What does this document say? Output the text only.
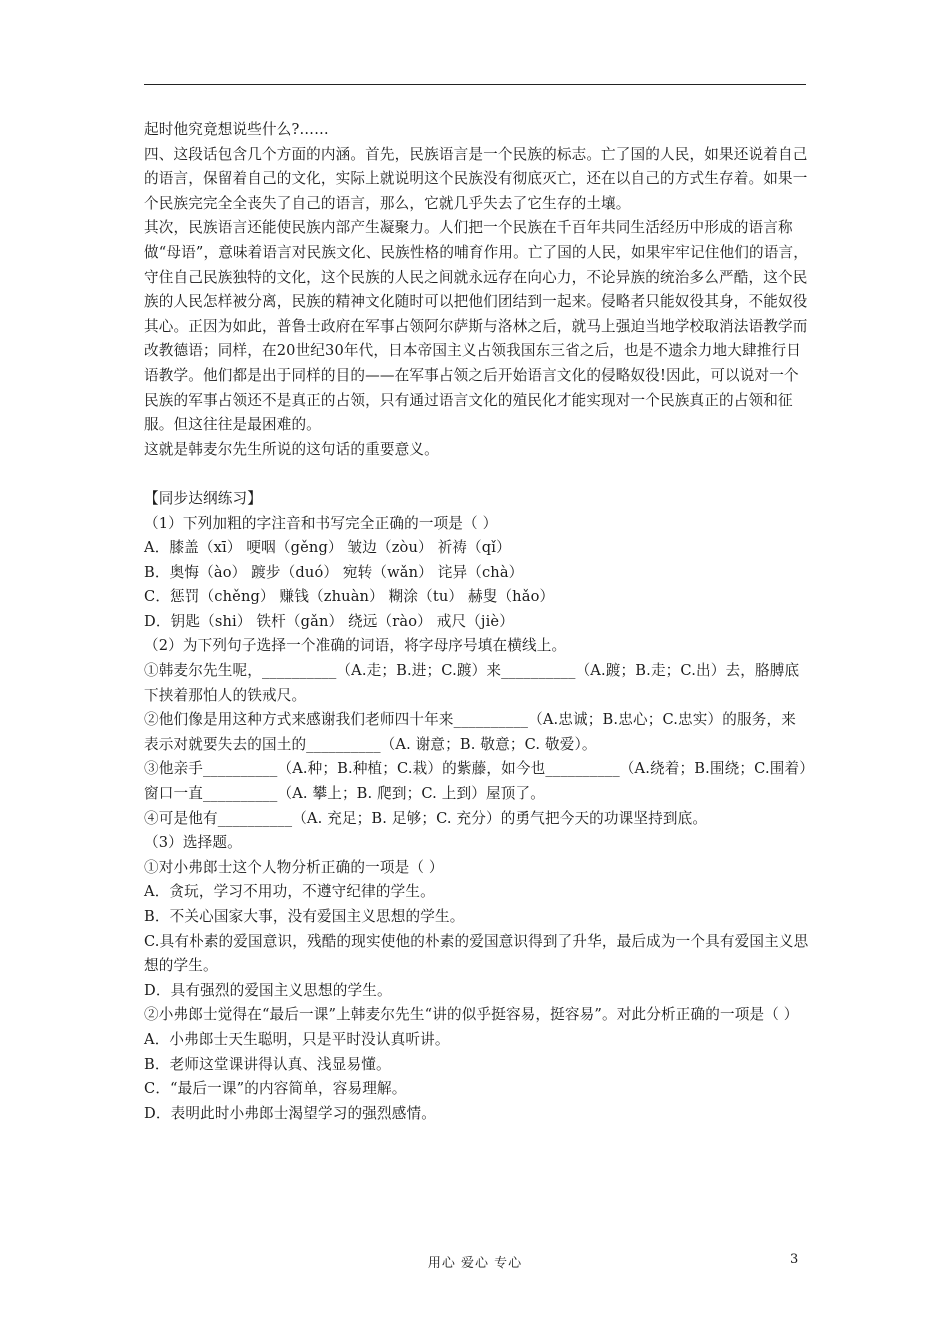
起时他究竟想说些什么?……

四、这段话包含几个方面的内涵。首先，民族语言是一个民族的标志。亡了国的人民，如果还说着自己的语言，保留着自己的文化，实际上就说明这个民族没有彻底灭亡，还在以自己的方式生存着。如果一个民族完完全全丧失了自己的语言，那么，它就几乎失去了它生存的土壤。

其次，民族语言还能使民族内部产生凝聚力。人们把一个民族在千百年共同生活经历中形成的语言称做“母语”，意味着语言对民族文化、民族性格的哺育作用。亡了国的人民，如果牢牢记住他们的语言，守住自己民族独特的文化，这个民族的人民之间就永远存在向心力，不论异族的统治多么严酷，这个民族的人民怎样被分离，民族的精神文化随时可以把他们团结到一起来。侵略者只能奴役其身，不能奴役其心。正因为如此，普鲁士政府在军事占领阿尔萨斯与洛林之后，就马上强迫当地学校取消法语教学而改教德语；同样，在20世纪30年代，日本帝国主义占领我国东三省之后，也是不遗余力地大肆推行日语教学。他们都是出于同样的目的——在军事占领之后开始语言文化的侵略奴役!因此，可以说对一个民族的军事占领还不是真正的占领，只有通过语言文化的殖民化才能实现对一个民族真正的占领和征服。但这往往是最困难的。

这就是韩麦尔先生所说的这句话的重要意义。

【同步达纲练习】

（1）下列加粗的字注音和书写完全正确的一项是（ ）

A．膝盖（xī） 哽咽（gěng） 皱边（zòu） 祈祷（qǐ）

B．奥悔（ào） 踱步（duó） 宛转（wǎn） 诧异（chà）

C．惩罚（chěng） 赚钱（zhuàn） 糊涂（tu） 赫叟（hǎo）

D．钥匙（shi） 铁杆（gǎn） 绕远（rào） 戒尺（jiè）

（2）为下列句子选择一个准确的词语，将字母序号填在横线上。

①韩麦尔先生呢，__________（A.走；B.进；C.踱）来__________（A.踱；B.走；C.出）去，胳膊底下挟着那怕人的铁戒尺。

②他们像是用这种方式来感谢我们老师四十年来__________（A.忠诚；B.忠心；C.忠实）的服务，来表示对就要失去的国土的__________（A. 谢意；B. 敬意；C. 敬爱）。

③他亲手__________（A.种；B.种植；C.栽）的紫藤，如今也__________（A.绕着；B.围绕；C.围着）窗口一直__________（A. 攀上；B. 爬到；C. 上到）屋顶了。

④可是他有__________（A. 充足；B. 足够；C. 充分）的勇气把今天的功课坚持到底。

（3）选择题。

①对小弗郎士这个人物分析正确的一项是（ ）

A．贪玩，学习不用功，不遵守纪律的学生。

B．不关心国家大事，没有爱国主义思想的学生。

C.具有朴素的爱国意识，残酷的现实使他的朴素的爱国意识得到了升华，最后成为一个具有爱国主义思想的学生。

D．具有强烈的爱国主义思想的学生。

②小弗郎士觉得在“最后一课”上韩麦尔先生“讲的似乎挺容易，挺容易”。对此分析正确的一项是（ ）

A．小弗郎士天生聪明，只是平时没认真听讲。

B．老师这堂课讲得认真、浅显易懂。

C．“最后一课”的内容简单，容易理解。

D．表明此时小弗郎士渴望学习的强烈感情。

用心 爱心 专心	3
